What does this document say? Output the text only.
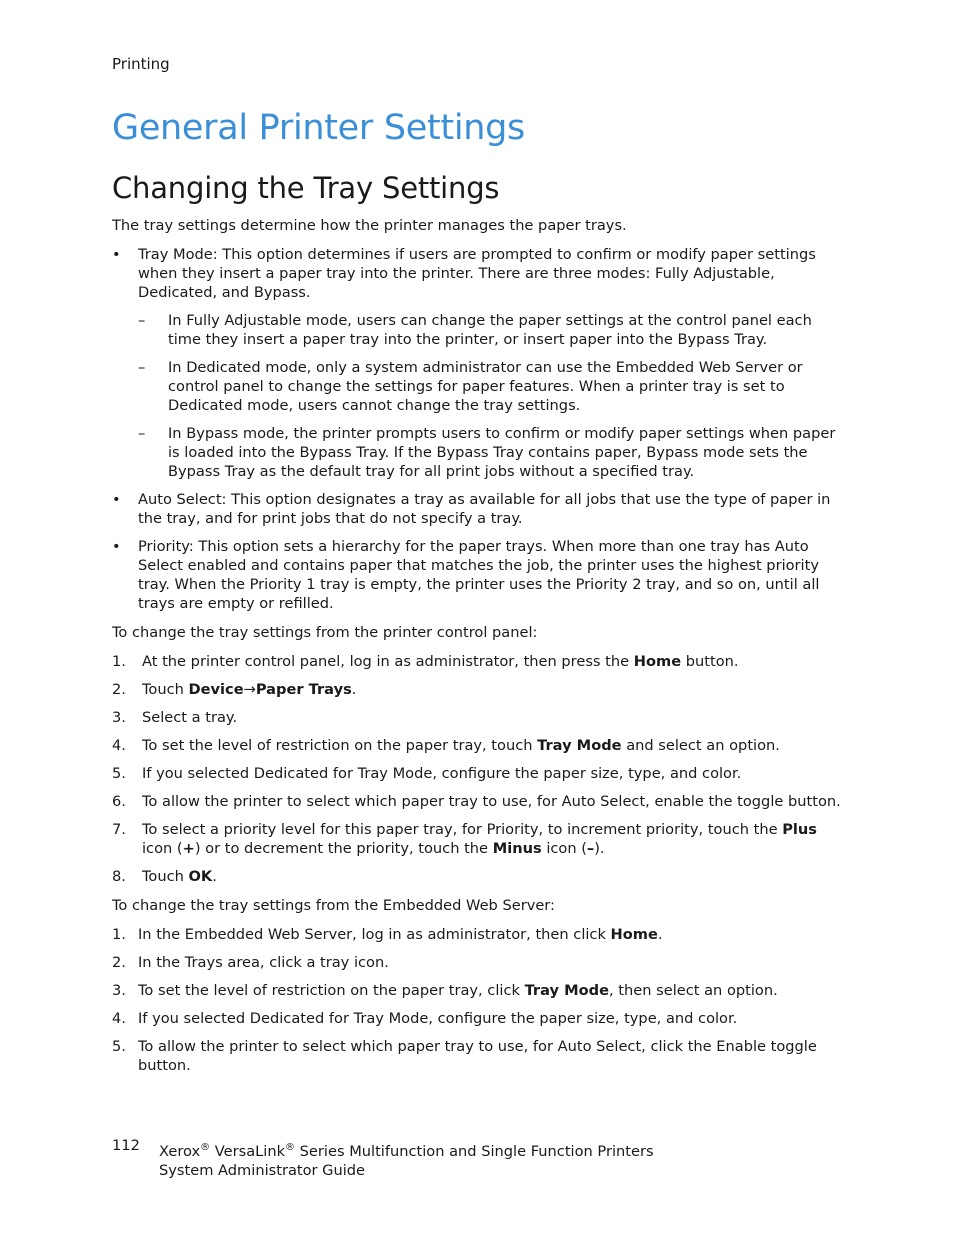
Printing
General Printer Settings
Changing the Tray Settings

The tray settings determine how the printer manages the paper trays.

• Tray Mode: This option determines if users are prompted to confirm or modify paper settings when they insert a paper tray into the printer. There are three modes: Fully Adjustable, Dedicated, and Bypass.
– In Fully Adjustable mode, users can change the paper settings at the control panel each time they insert a paper tray into the printer, or insert paper into the Bypass Tray.
– In Dedicated mode, only a system administrator can use the Embedded Web Server or control panel to change the settings for paper features. When a printer tray is set to Dedicated mode, users cannot change the tray settings.
– In Bypass mode, the printer prompts users to confirm or modify paper settings when paper is loaded into the Bypass Tray. If the Bypass Tray contains paper, Bypass mode sets the Bypass Tray as the default tray for all print jobs without a specified tray.
• Auto Select: This option designates a tray as available for all jobs that use the type of paper in the tray, and for print jobs that do not specify a tray.
• Priority: This option sets a hierarchy for the paper trays. When more than one tray has Auto Select enabled and contains paper that matches the job, the printer uses the highest priority tray. When the Priority 1 tray is empty, the printer uses the Priority 2 tray, and so on, until all trays are empty or refilled.

To change the tray settings from the printer control panel:

1. At the printer control panel, log in as administrator, then press the Home button.
2. Touch Device→Paper Trays.
3. Select a tray.
4. To set the level of restriction on the paper tray, touch Tray Mode and select an option.
5. If you selected Dedicated for Tray Mode, configure the paper size, type, and color.
6. To allow the printer to select which paper tray to use, for Auto Select, enable the toggle button.
7. To select a priority level for this paper tray, for Priority, to increment priority, touch the Plus icon (+) or to decrement the priority, touch the Minus icon (–).
8. Touch OK.

To change the tray settings from the Embedded Web Server:

1. In the Embedded Web Server, log in as administrator, then click Home.
2. In the Trays area, click a tray icon.
3. To set the level of restriction on the paper tray, click Tray Mode, then select an option.
4. If you selected Dedicated for Tray Mode, configure the paper size, type, and color.
5. To allow the printer to select which paper tray to use, for Auto Select, click the Enable toggle button.
112 Xerox® VersaLink® Series Multifunction and Single Function Printers
System Administrator Guide
